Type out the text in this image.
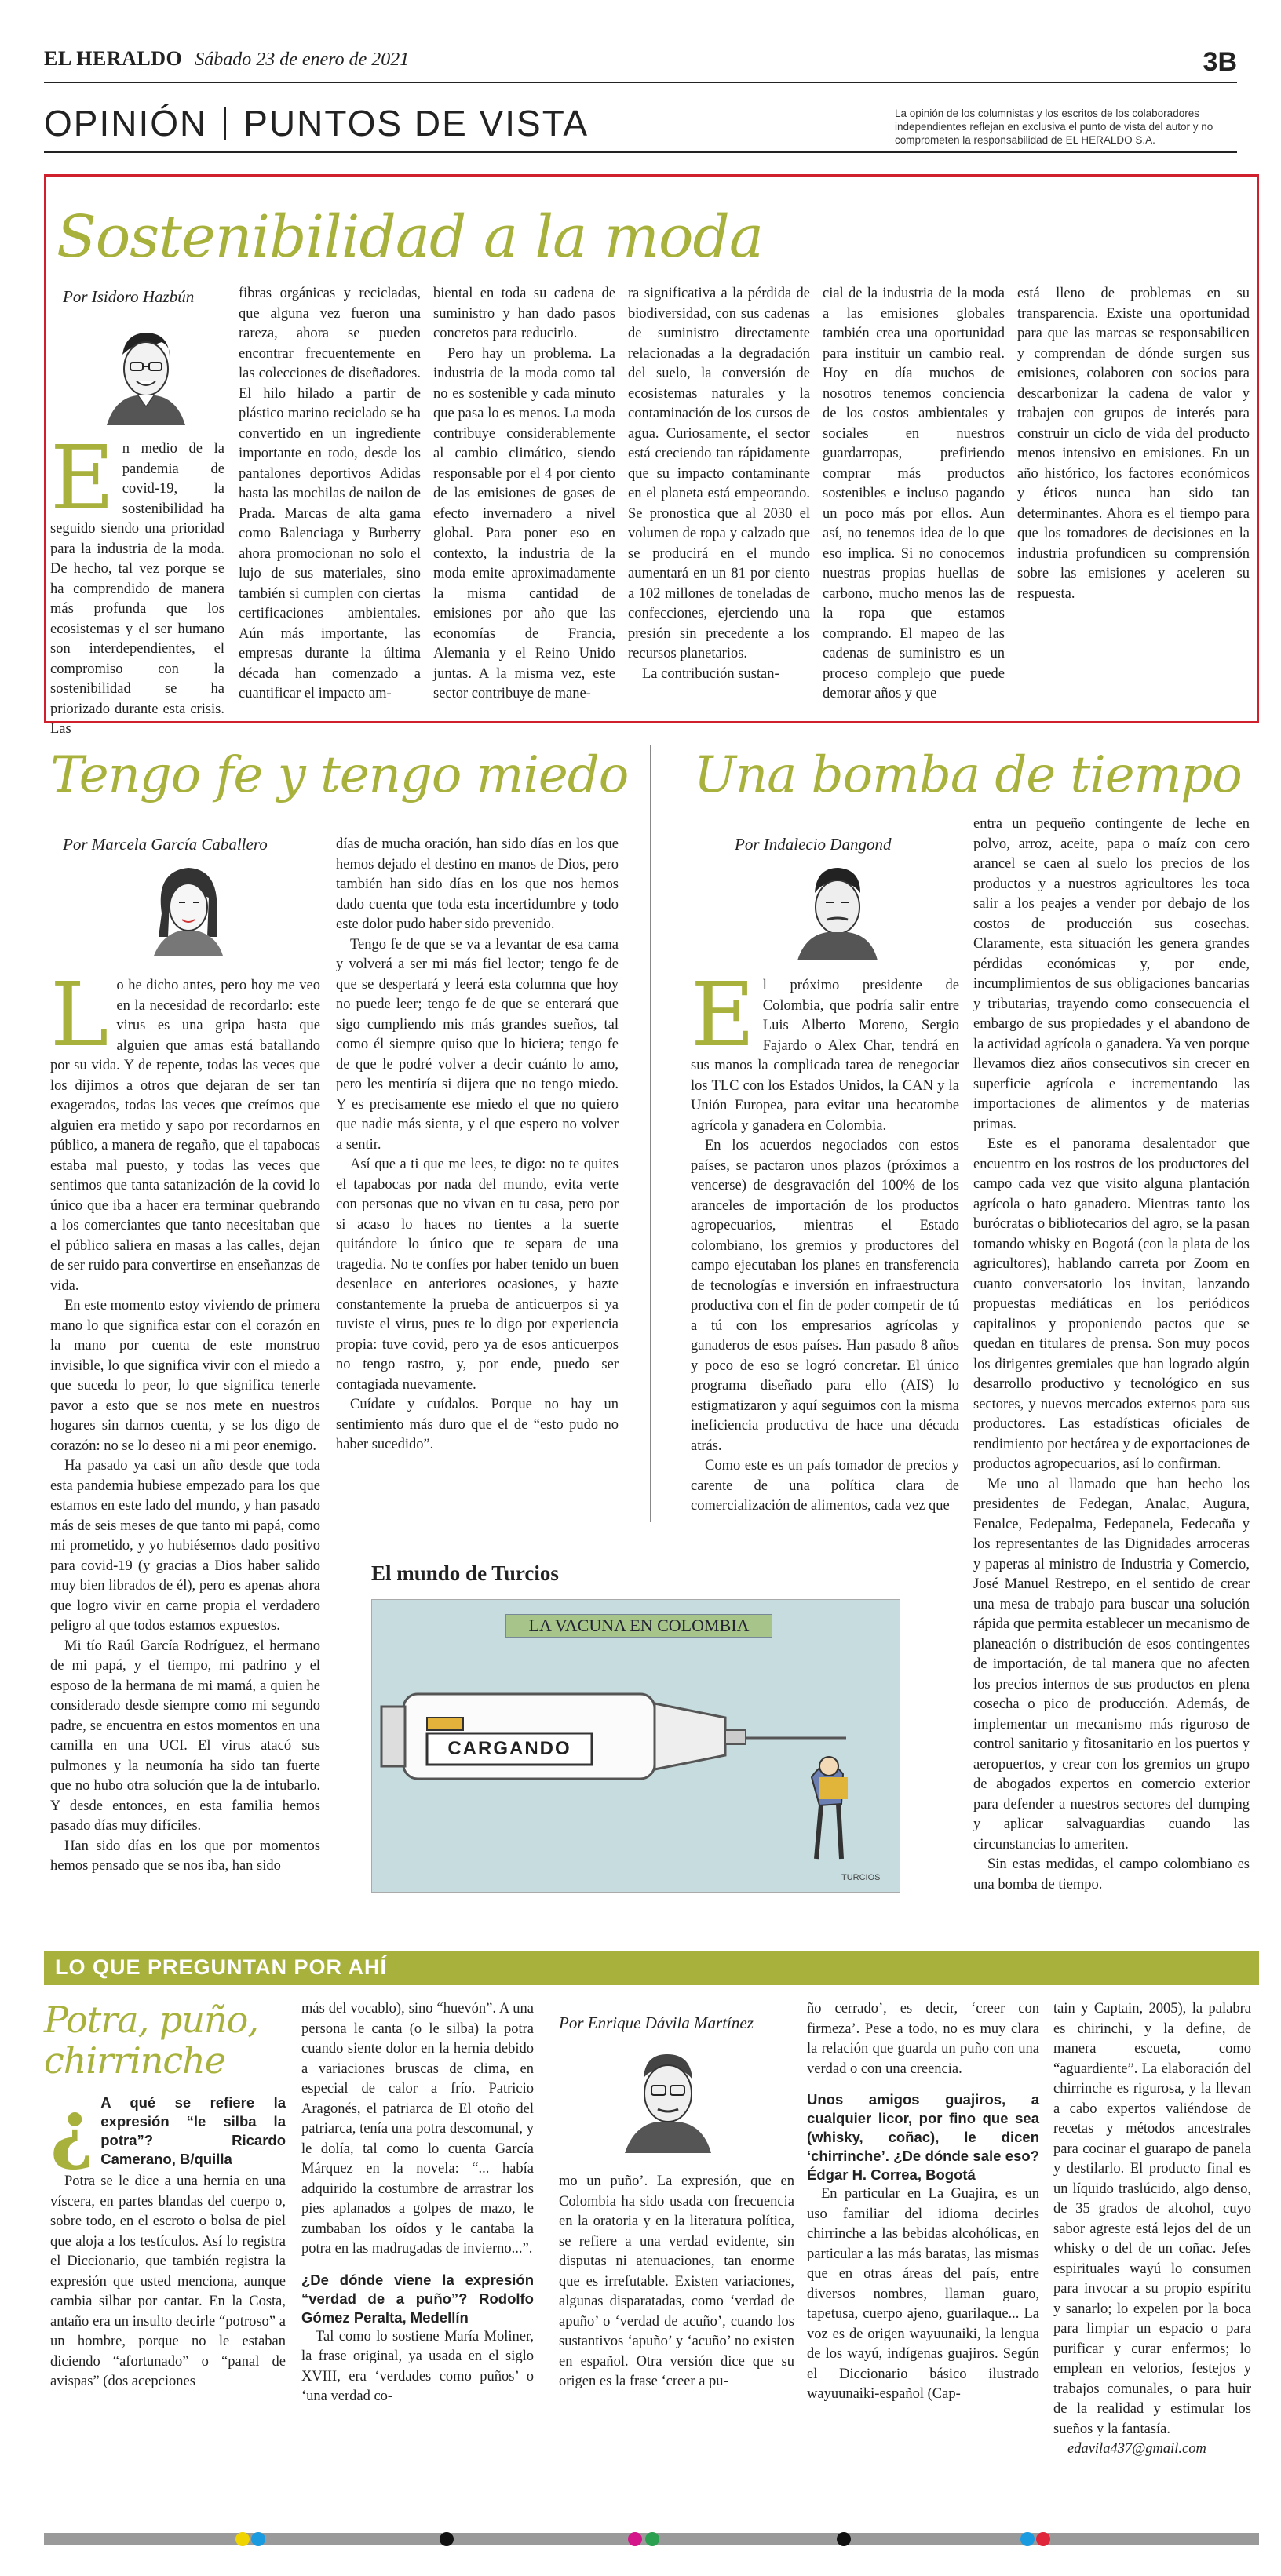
EL HERALDO Sábado 23 de enero de 2021	3B
OPINIÓN PUNTOS DE VISTA	La opinión de los columnistas y los escritos de los colaboradores independientes reflejan en exclusiva el punto de vista del autor y no comprometen la responsabilidad de EL HERALDO S.A.
Sostenibilidad a la moda
Por Isidoro Hazbún
En medio de la pandemia de covid-19, la sostenibilidad ha seguido siendo una prioridad para la industria de la moda. De hecho, tal vez porque se ha comprendido de manera más profunda que los ecosistemas y el ser humano son interdependientes, el compromiso con la sostenibilidad se ha priorizado durante esta crisis. Las
fibras orgánicas y recicladas, que alguna vez fueron una rareza, ahora se pueden encontrar frecuentemente en las colecciones de diseñadores. El hilo hilado a partir de plástico marino reciclado se ha convertido en un ingrediente importante en todo, desde los pantalones deportivos Adidas hasta las mochilas de nailon de Prada. Marcas de alta gama como Balenciaga y Burberry ahora promocionan no solo el lujo de sus materiales, sino también si cumplen con ciertas certificaciones ambientales. Aún más importante, las empresas durante la última década han comenzado a cuantificar el impacto am-
biental en toda su cadena de suministro y han dado pasos concretos para reducirlo.

Pero hay un problema. La industria de la moda como tal no es sostenible y cada minuto que pasa lo es menos. La moda contribuye considerablemente al cambio climático, siendo responsable por el 4 por ciento de las emisiones de gases de efecto invernadero a nivel global. Para poner eso en contexto, la industria de la moda emite aproximadamente la misma cantidad de emisiones por año que las economías de Francia, Alemania y el Reino Unido juntas. A la misma vez, este sector contribuye de mane-

ra significativa a la pérdida de biodiversidad, con sus cadenas de suministro directamente relacionadas a la degradación del suelo, la conversión de ecosistemas naturales y la contaminación de los cursos de agua. Curiosamente, el sector está creciendo tan rápidamente que su impacto contaminante en el planeta está empeorando. Se pronostica que al 2030 el volumen de ropa y calzado que se producirá en el mundo aumentará en un 81 por ciento a 102 millones de toneladas de confecciones, ejerciendo una presión sin precedente a los recursos planetarios.

La contribución sustan-

cial de la industria de la moda a las emisiones globales también crea una oportunidad para instituir un cambio real. Hoy en día muchos de nosotros tenemos conciencia de los costos ambientales y sociales en nuestros guardarropas, prefiriendo comprar más productos sostenibles e incluso pagando un poco más por ellos. Aun así, no tenemos idea de lo que eso implica. Si no conocemos nuestras propias huellas de carbono, mucho menos las de la ropa que estamos comprando. El mapeo de las cadenas de suministro es un proceso complejo que puede demorar años y que
está lleno de problemas en su transparencia. Existe una oportunidad para que las marcas se responsabilicen y comprendan de dónde surgen sus emisiones, colaboren con socios para descarbonizar la cadena de valor y trabajen con grupos de interés para construir un ciclo de vida del producto menos intensivo en emisiones. En un año histórico, los factores económicos y éticos nunca han sido tan determinantes. Ahora es el tiempo para que los tomadores de decisiones en la industria profundicen su comprensión sobre las emisiones y aceleren su respuesta.
Tengo fe y tengo miedo
Por Marcela García Caballero
L o he dicho antes, pero hoy me veo en la necesidad de recordarlo: este virus es una gripa hasta que alguien que amas está batallando por su vida. Y de repente, todas las veces que los dijimos a otros que dejaran de ser tan exagerados, todas las veces que creímos que alguien era metido y sapo por recordarnos en público, a manera de regaño, que el tapabocas estaba mal puesto, y todas las veces que sentimos que tanta satanización de la covid lo único que iba a hacer era terminar quebrando a los comerciantes que tanto necesitaban que el público saliera en masas a las calles, dejan de ser ruido para convertirse en enseñanzas de vida.

En este momento estoy viviendo de primera mano lo que significa estar con el corazón en la mano por cuenta de este monstruo invisible, lo que significa vivir con el miedo a que suceda lo peor, lo que significa tenerle pavor a esto que se nos mete en nuestros hogares sin darnos cuenta, y se los digo de corazón: no se lo deseo ni a mi peor enemigo.

Ha pasado ya casi un año desde que toda esta pandemia hubiese empezado para los que estamos en este lado del mundo, y han pasado más de seis meses de que tanto mi papá, como mi prometido, y yo hubiésemos dado positivo para covid-19 (y gracias a Dios haber salido muy bien librados de él), pero es apenas ahora que logro vivir en carne propia el verdadero peligro al que todos estamos expuestos.

Mi tío Raúl García Rodríguez, el hermano de mi papá, y el tiempo, mi padrino y el esposo de la hermana de mi mamá, a quien he considerado desde siempre como mi segundo padre, se encuentra en estos momentos en una camilla en una UCI. El virus atacó sus pulmones y la neumonía ha sido tan fuerte que no hubo otra solución que la de intubarlo. Y desde entonces, en esta familia hemos pasado días muy difíciles.

Han sido días en los que por momentos hemos pensado que se nos iba, han sido

días de mucha oración, han sido días en los que hemos dejado el destino en manos de Dios, pero también han sido días en los que nos hemos dado cuenta que toda esta incertidumbre y todo este dolor pudo haber sido prevenido.

Tengo fe de que se va a levantar de esa cama y volverá a ser mi más fiel lector; tengo fe de que se despertará y leerá esta columna que hoy no puede leer; tengo fe de que se enterará que sigo cumpliendo mis más grandes sueños, tal como él siempre quiso que lo hiciera; tengo fe de que le podré volver a decir cuánto lo amo, pero les mentiría si dijera que no tengo miedo. Y es precisamente ese miedo el que no quiero que nadie más sienta, y el que espero no volver a sentir.

Así que a ti que me lees, te digo: no te quites el tapabocas por nada del mundo, evita verte con personas que no vivan en tu casa, pero por si acaso lo haces no tientes a la suerte quitándote lo único que te separa de una tragedia. No te confíes por haber tenido un buen desenlace en anteriores ocasiones, y hazte constantemente la prueba de anticuerpos si ya tuviste el virus, pues te lo digo por experiencia propia: tuve covid, pero ya de esos anticuerpos no tengo rastro, y, por ende, puedo ser contagiada nuevamente.

Cuídate y cuídalos. Porque no hay un sentimiento más duro que el de “esto pudo no haber sucedido”.

Una bomba de tiempo
Por Indalecio Dangond
E l próximo presidente de Colombia, que podría salir entre Luis Alberto Moreno, Sergio Fajardo o Alex Char, tendrá en sus manos la complicada tarea de renegociar los TLC con los Estados Unidos, la CAN y la Unión Europea, para evitar una hecatombe agrícola y ganadera en Colombia.

En los acuerdos negociados con estos países, se pactaron unos plazos (próximos a vencerse) de desgravación del 100% de los aranceles de importación de los productos agropecuarios, mientras el Estado colombiano, los gremios y productores del campo ejecutaban los planes en transferencia de tecnologías e inversión en infraestructura productiva con el fin de poder competir de tú a tú con los empresarios agrícolas y ganaderos de esos países. Han pasado 8 años y poco de eso se logró concretar. El único programa diseñado para ello (AIS) lo estigmatizaron y aquí seguimos con la misma ineficiencia productiva de hace una década atrás.

Como este es un país tomador de precios y carente de una política clara de comercialización de alimentos, cada vez que

entra un pequeño contingente de leche en polvo, arroz, aceite, papa o maíz con cero arancel se caen al suelo los precios de los productos y a nuestros agricultores les toca salir a los peajes a vender por debajo de los costos de producción sus cosechas. Claramente, esta situación les genera grandes pérdidas económicas y, por ende, incumplimientos de sus obligaciones bancarias y tributarias, trayendo como consecuencia el embargo de sus propiedades y el abandono de la actividad agrícola o ganadera. Ya ven porque llevamos diez años consecutivos sin crecer en superficie agrícola e incrementando las importaciones de alimentos y de materias primas.

Este es el panorama desalentador que encuentro en los rostros de los productores del campo cada vez que visito alguna plantación agrícola o hato ganadero. Mientras tanto los burócratas o bibliotecarios del agro, se la pasan tomando whisky en Bogotá (con la plata de los agricultores), hablando carreta por Zoom en cuanto conversatorio los invitan, lanzando propuestas mediáticas en los periódicos capitalinos y proponiendo pactos que se quedan en titulares de prensa. Son muy pocos los dirigentes gremiales que han logrado algún desarrollo productivo y tecnológico en sus sectores, y nuevos mercados externos para sus productores. Las estadísticas oficiales de rendimiento por hectárea y de exportaciones de productos agropecuarios, así lo confirman.

Me uno al llamado que han hecho los presidentes de Fedegan, Analac, Augura, Fenalce, Fedepalma, Fedepanela, Fedecaña y los representantes de las Dignidades arroceras y paperas al ministro de Industria y Comercio, José Manuel Restrepo, en el sentido de crear una mesa de trabajo para buscar una solución rápida que permita establecer un mecanismo de planeación o distribución de esos contingentes de importación, de tal manera que no afecten los precios internos de sus productos en plena cosecha o pico de producción. Además, de implementar un mecanismo más riguroso de control sanitario y fitosanitario en los puertos y aeropuertos, y crear con los gremios un grupo de abogados expertos en comercio exterior para defender a nuestros sectores del dumping y aplicar salvaguardias cuando las circunstancias lo ameriten.

Sin estas medidas, el campo colombiano es una bomba de tiempo.

El mundo de Turcios
LA VACUNA EN COLOMBIA
CARGANDO
TURCIOS
LO QUE PREGUNTAN POR AHÍ
Potra, puño, chirrinche
¿ A qué se refiere la expresión “le silba la potra”? Ricardo Camerano, B/quilla

Potra se le dice a una hernia en una víscera, en partes blandas del cuerpo o, sobre todo, en el escroto o bolsa de piel que aloja a los testículos. Así lo registra el Diccionario, que también registra la expresión que usted menciona, aunque cambia silbar por cantar. En la Costa, antaño era un insulto decirle “potroso” a un hombre, porque no le estaban diciendo “afortunado” o “panal de avispas” (dos acepciones

más del vocablo), sino “huevón”. A una persona le canta (o le silba) la potra cuando siente dolor en la hernia debido a variaciones bruscas de clima, en especial de calor a frío. Patricio Aragonés, el patriarca de El otoño del patriarca, tenía una potra descomunal, y le dolía, tal como lo cuenta García Márquez en la novela: “... había adquirido la costumbre de arrastrar los pies aplanados a golpes de mazo, le zumbaban los oídos y le cantaba la potra en las madrugadas de invierno...”.

¿De dónde viene la expresión “verdad de a puño”? Rodolfo Gómez Peralta, Medellín

Tal como lo sostiene María Moliner, la frase original, ya usada en el siglo XVIII, era ‘verdades como puños’ o ‘una verdad co-

Por Enrique Dávila Martínez
mo un puño’. La expresión, que en Colombia ha sido usada con frecuencia en la oratoria y en la literatura política, se refiere a una verdad evidente, sin disputas ni atenuaciones, tan enorme que es irrefutable. Existen variaciones, algunas disparatadas, como ‘verdad de apuño’ o ‘verdad de acuño’, cuando los sustantivos ‘apuño’ y ‘acuño’ no existen en español. Otra versión dice que su origen es la frase ‘creer a pu-

ño cerrado’, es decir, ‘creer con firmeza’. Pese a todo, no es muy clara la relación que guarda un puño con una verdad o con una creencia.

Unos amigos guajiros, a cualquier licor, por fino que sea (whisky, coñac), le dicen ‘chirrinche’. ¿De dónde sale eso? Édgar H. Correa, Bogotá

En particular en La Guajira, es un uso familiar del idioma decirles chirrinche a las bebidas alcohólicas, en particular a las más baratas, las mismas que en otras áreas del país, entre diversos nombres, llaman guaro, tapetusa, cuerpo ajeno, guarilaque... La voz es de origen wayuunaiki, la lengua de los wayú, indígenas guajiros. Según el Diccionario básico ilustrado wayuunaiki-español (Cap-

tain y Captain, 2005), la palabra es chirinchi, y la define, de manera escueta, como “aguardiente”. La elaboración del chirrinche es rigurosa, y la llevan a cabo expertos valiéndose de recetas y métodos ancestrales para cocinar el guarapo de panela y destilarlo. El producto final es un líquido traslúcido, algo denso, de 35 grados de alcohol, cuyo sabor agreste está lejos del de un whisky o del de un coñac. Jefes espirituales wayú lo consumen para invocar a su propio espíritu y sanarlo; lo expelen por la boca para limpiar un espacio o para purificar y curar enfermos; lo emplean en velorios, festejos y trabajos comunales, o para huir de la realidad y estimular los sueños y la fantasía.

edavila437@gmail.com
